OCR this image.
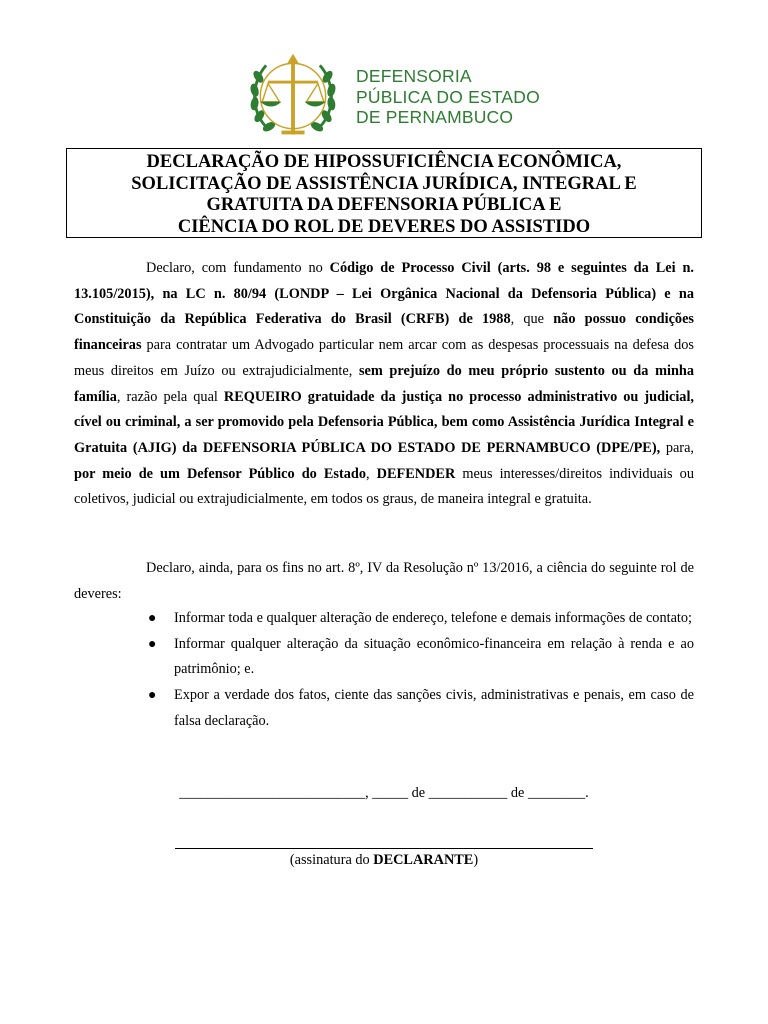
DEFENSORIA
PÚBLICA DO ESTADO
DE PERNAMBUCO
DECLARAÇÃO DE HIPOSSUFICIÊNCIA ECONÔMICA,
SOLICITAÇÃO DE ASSISTÊNCIA JURÍDICA, INTEGRAL E
GRATUITA DA DEFENSORIA PÚBLICA E
CIÊNCIA DO ROL DE DEVERES DO ASSISTIDO
Declaro, com fundamento no Código de Processo Civil (arts. 98 e seguintes da Lei n. 13.105/2015), na LC n. 80/94 (LONDP – Lei Orgânica Nacional da Defensoria Pública) e na Constituição da República Federativa do Brasil (CRFB) de 1988, que não possuo condições financeiras para contratar um Advogado particular nem arcar com as despesas processuais na defesa dos meus direitos em Juízo ou extrajudicialmente, sem prejuízo do meu próprio sustento ou da minha família, razão pela qual REQUEIRO gratuidade da justiça no processo administrativo ou judicial, cível ou criminal, a ser promovido pela Defensoria Pública, bem como Assistência Jurídica Integral e Gratuita (AJIG) da DEFENSORIA PÚBLICA DO ESTADO DE PERNAMBUCO (DPE/PE), para, por meio de um Defensor Público do Estado, DEFENDER meus interesses/direitos individuais ou coletivos, judicial ou extrajudicialmente, em todos os graus, de maneira integral e gratuita.
Declaro, ainda, para os fins no art. 8º, IV da Resolução nº 13/2016, a ciência do seguinte rol de deveres:
● Informar toda e qualquer alteração de endereço, telefone e demais informações de contato;
● Informar qualquer alteração da situação econômico-financeira em relação à renda e ao patrimônio; e.
● Expor a verdade dos fatos, ciente das sanções civis, administrativas e penais, em caso de falsa declaração.
__________________________, _____ de ___________ de ________.
(assinatura do DECLARANTE)
